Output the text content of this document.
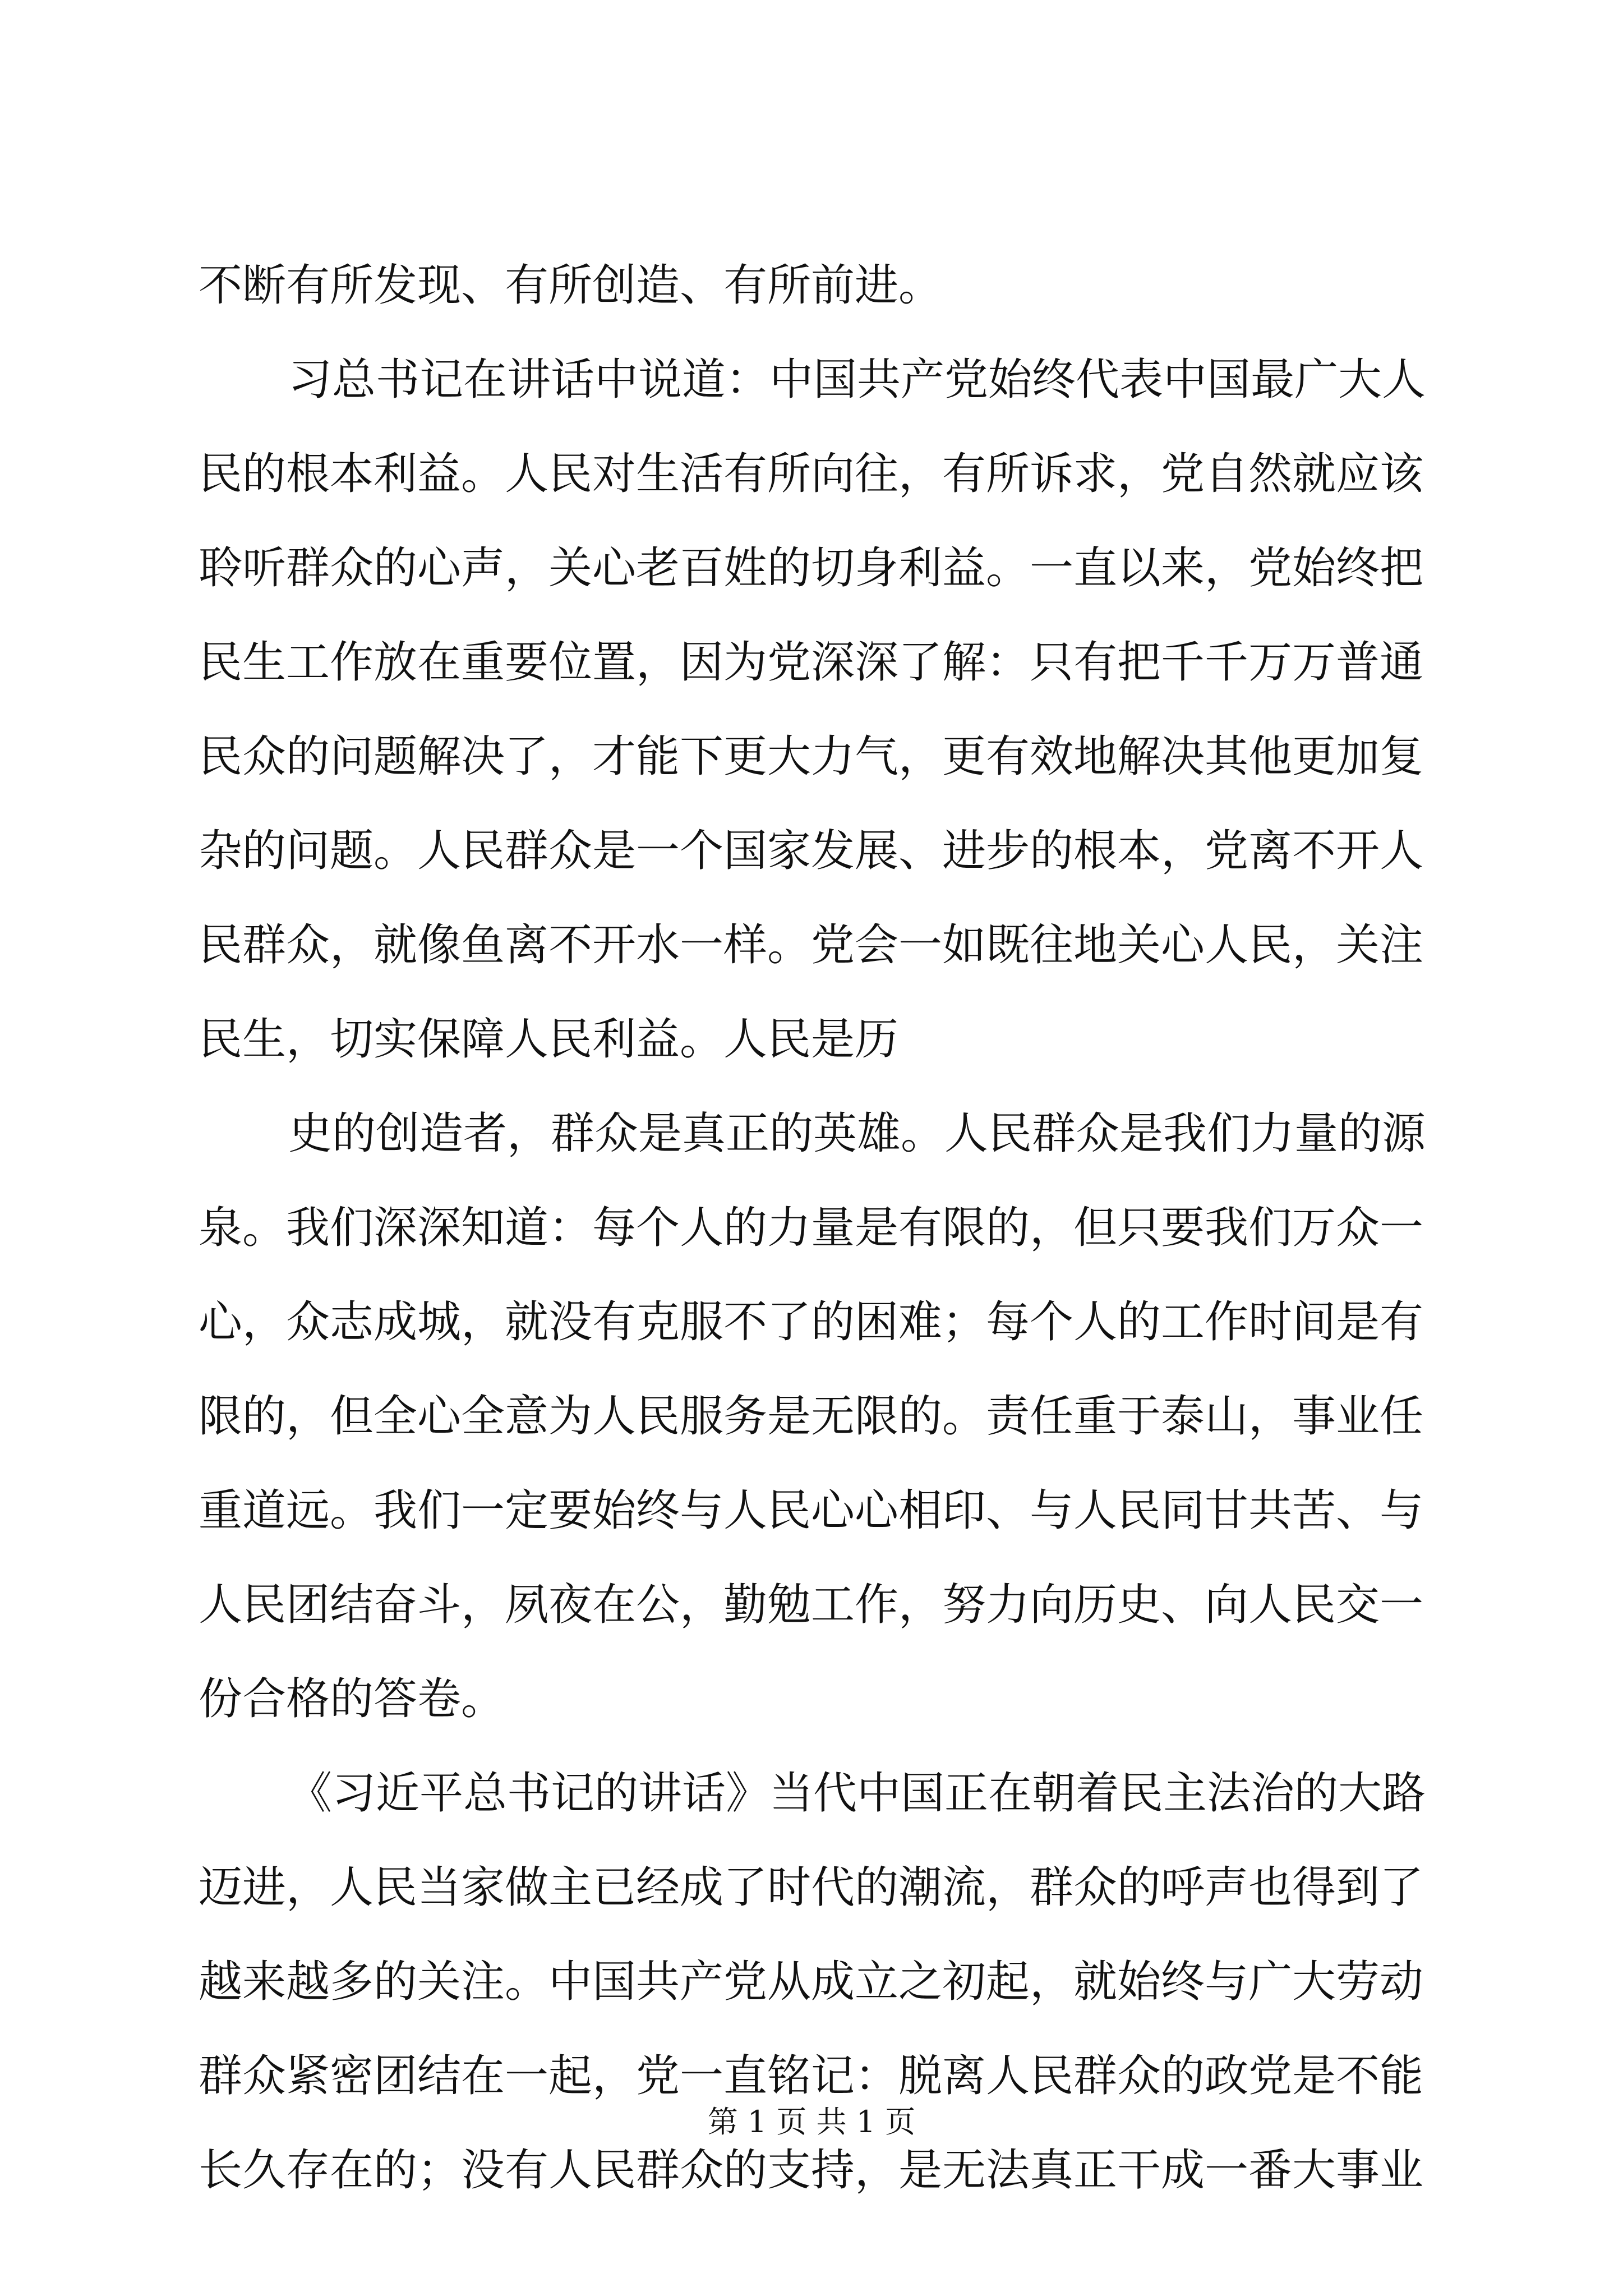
不断有所发现、有所创造、有所前进。
习总书记在讲话中说道：中国共产党始终代表中国最广大人
民的根本利益。人民对生活有所向往，有所诉求，党自然就应该
聆听群众的心声，关心老百姓的切身利益。一直以来，党始终把
民生工作放在重要位置，因为党深深了解：只有把千千万万普通
民众的问题解决了，才能下更大力气，更有效地解决其他更加复
杂的问题。人民群众是一个国家发展、进步的根本，党离不开人
民群众，就像鱼离不开水一样。党会一如既往地关心人民，关注
民生，切实保障人民利益。人民是历
史的创造者，群众是真正的英雄。人民群众是我们力量的源
泉。我们深深知道：每个人的力量是有限的，但只要我们万众一
心，众志成城，就没有克服不了的困难；每个人的工作时间是有
限的，但全心全意为人民服务是无限的。责任重于泰山，事业任
重道远。我们一定要始终与人民心心相印、与人民同甘共苦、与
人民团结奋斗，夙夜在公，勤勉工作，努力向历史、向人民交一
份合格的答卷。
《习近平总书记的讲话》当代中国正在朝着民主法治的大路
迈进，人民当家做主已经成了时代的潮流，群众的呼声也得到了
越来越多的关注。中国共产党从成立之初起，就始终与广大劳动
群众紧密团结在一起，党一直铭记：脱离人民群众的政党是不能
长久存在的；没有人民群众的支持，是无法真正干成一番大事业
第 1 页 共 1 页
